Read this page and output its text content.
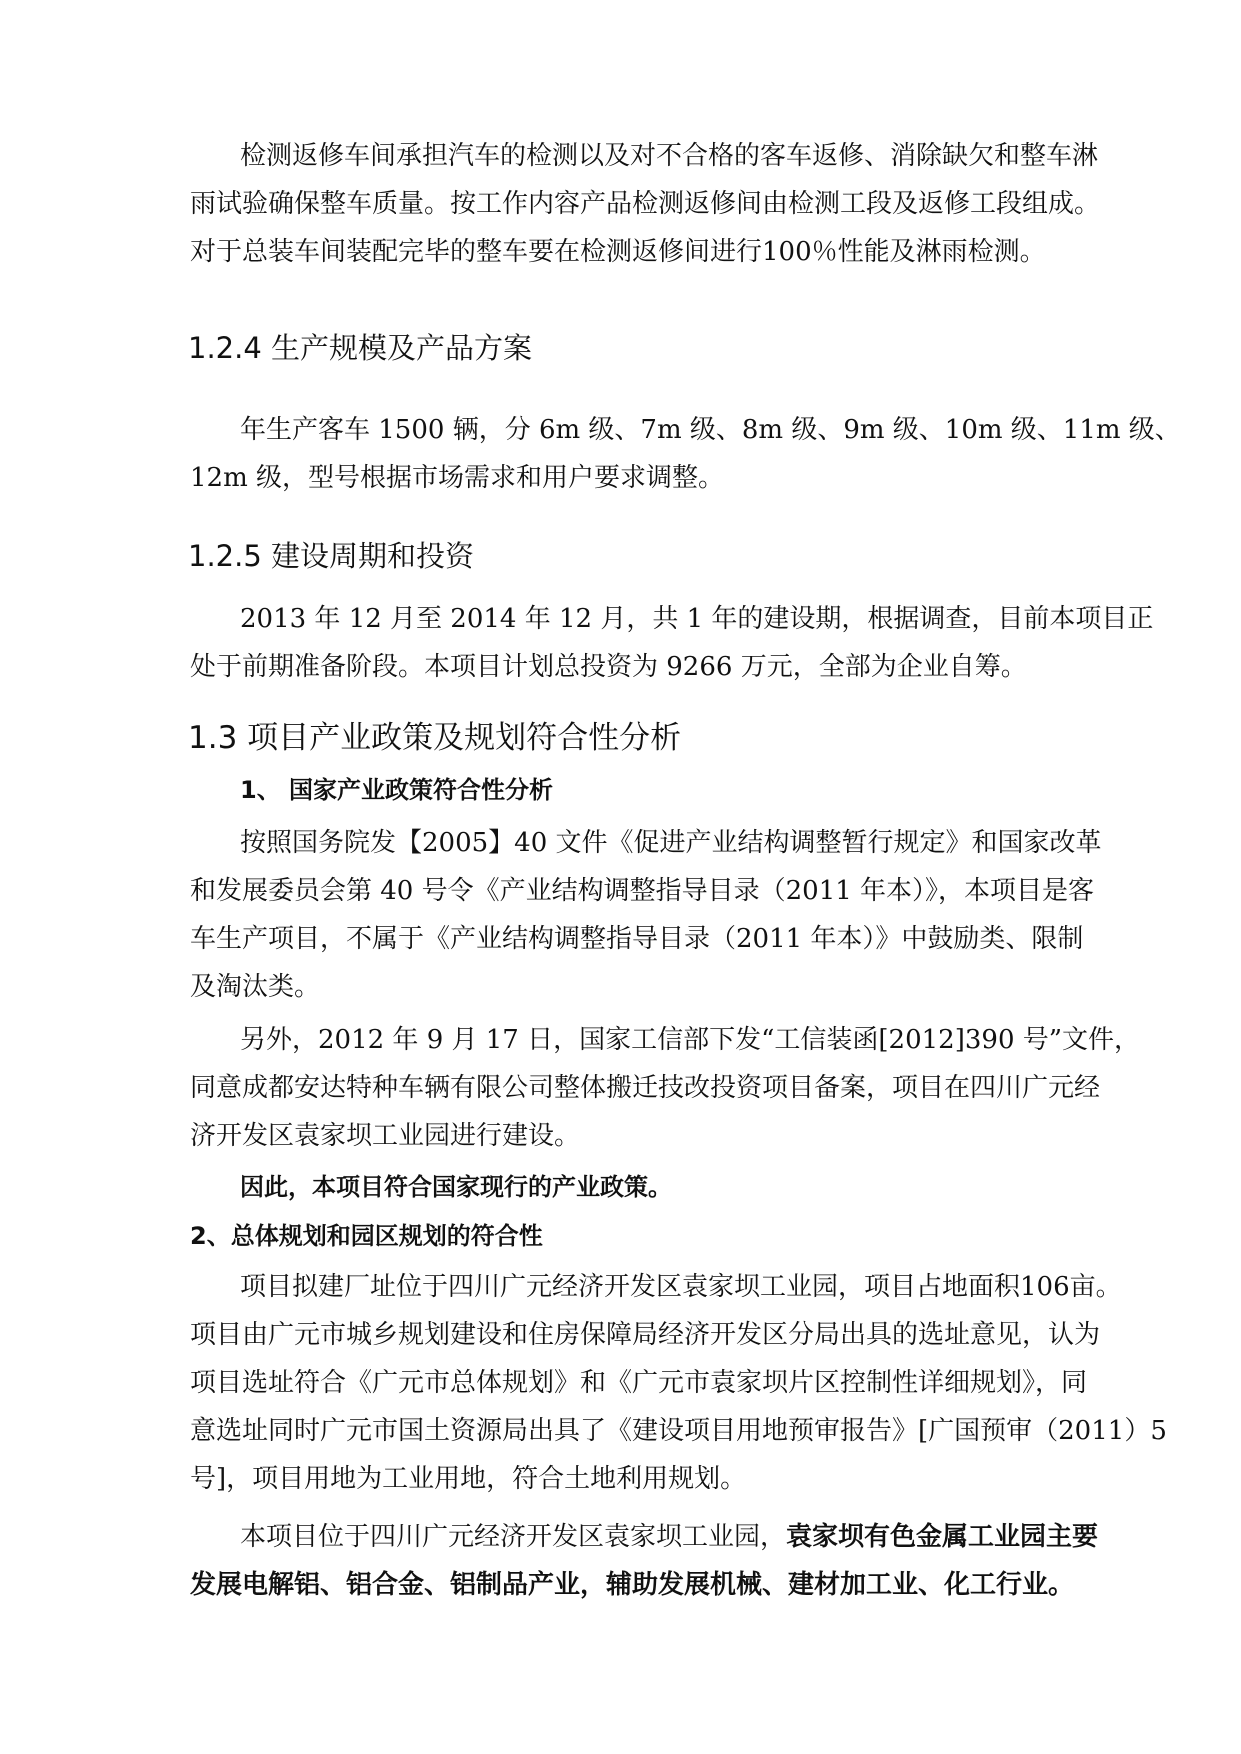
检测返修车间承担汽车的检测以及对不合格的客车返修、消除缺欠和整车淋
雨试验确保整车质量。按工作内容产品检测返修间由检测工段及返修工段组成。
对于总装车间装配完毕的整车要在检测返修间进行100％性能及淋雨检测。
1.2.4 生产规模及产品方案
年生产客车 1500 辆，分 6m 级、7m 级、8m 级、9m 级、10m 级、11m 级、
12m 级，型号根据市场需求和用户要求调整。
1.2.5 建设周期和投资
2013 年 12 月至 2014 年 12 月，共 1 年的建设期，根据调查，目前本项目正
处于前期准备阶段。本项目计划总投资为 9266 万元，全部为企业自筹。
1.3 项目产业政策及规划符合性分析
1、 国家产业政策符合性分析
按照国务院发【2005】40 文件《促进产业结构调整暂行规定》和国家改革
和发展委员会第 40 号令《产业结构调整指导目录（2011 年本）》，本项目是客
车生产项目，不属于《产业结构调整指导目录（2011 年本）》中鼓励类、限制
及淘汰类。
另外，2012 年 9 月 17 日，国家工信部下发“工信装函[2012]390 号”文件，
同意成都安达特种车辆有限公司整体搬迁技改投资项目备案，项目在四川广元经
济开发区袁家坝工业园进行建设。
因此，本项目符合国家现行的产业政策。
2、总体规划和园区规划的符合性
项目拟建厂址位于四川广元经济开发区袁家坝工业园，项目占地面积106亩。
项目由广元市城乡规划建设和住房保障局经济开发区分局出具的选址意见，认为
项目选址符合《广元市总体规划》和《广元市袁家坝片区控制性详细规划》，同
意选址同时广元市国土资源局出具了《建设项目用地预审报告》[广国预审（2011）5
号]，项目用地为工业用地，符合土地利用规划。
本项目位于四川广元经济开发区袁家坝工业园，袁家坝有色金属工业园主要
发展电解铝、铝合金、铝制品产业，辅助发展机械、建材加工业、化工行业。
